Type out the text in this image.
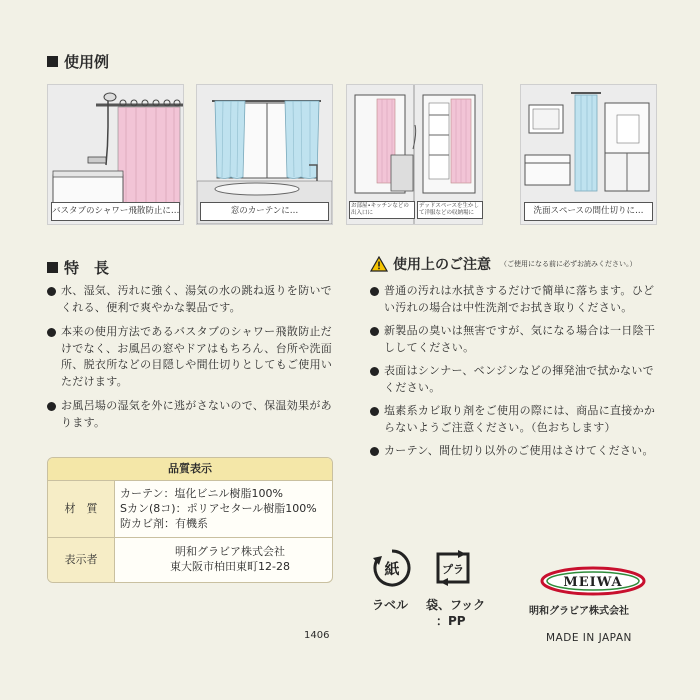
使用例
バスタブのシャワー飛散防止に…	窓のカーテンに…	お部屋•キッチンなどの出入口に
デッドスペースを生かして洋服などの収納場に	洗面スペースの間仕切りに…
特　長
水、湿気、汚れに強く、湯気の水の跳ね返りを防いでくれる、便利で爽やかな製品です。
本来の使用方法であるバスタブのシャワー飛散防止だけでなく、お風呂の窓やドアはもちろん、台所や洗面所、脱衣所などの目隠しや間仕切りとしてもご使用いただけます。
お風呂場の湿気を外に逃がさないので、保温効果があります。
使用上のご注意 （ご使用になる前に必ずお読みください。）
普通の汚れは水拭きするだけで簡単に落ちます。ひどい汚れの場合は中性洗剤でお拭き取りください。
新製品の臭いは無害ですが、気になる場合は一日陰干ししてください。
表面はシンナー、ベンジンなどの揮発油で拭かないでください。
塩素系カビ取り剤をご使用の際には、商品に直接かからないようご注意ください。（色おちします）
カーテン、間仕切り以外のご使用はさけてください。
品質表示
材　質
カーテン：塩化ビニル樹脂100%
Sカン(8コ)：ポリアセタール樹脂100%
防カビ剤：有機系
表示者
明和グラビア株式会社
東大阪市柏田東町12-28
1406
紙
ラベル
プラ
袋、フック
：PP
MEIWA
明和グラビア株式会社
MADE IN JAPAN
